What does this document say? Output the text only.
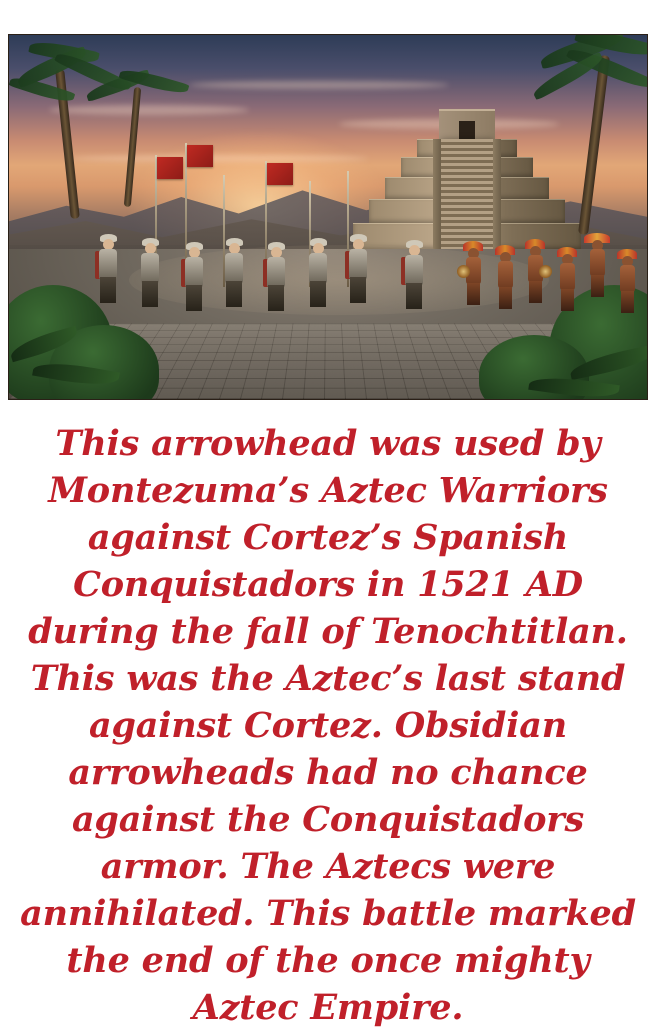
This arrowhead was used by Montezuma’s Aztec Warriors against Cortez’s Spanish Conquistadors in 1521 AD during the fall of Tenochtitlan. This was the Aztec’s last stand against Cortez. Obsidian arrowheads had no chance against the Conquistadors armor. The Aztecs were annihilated. This battle marked the end of the once mighty Aztec Empire.
